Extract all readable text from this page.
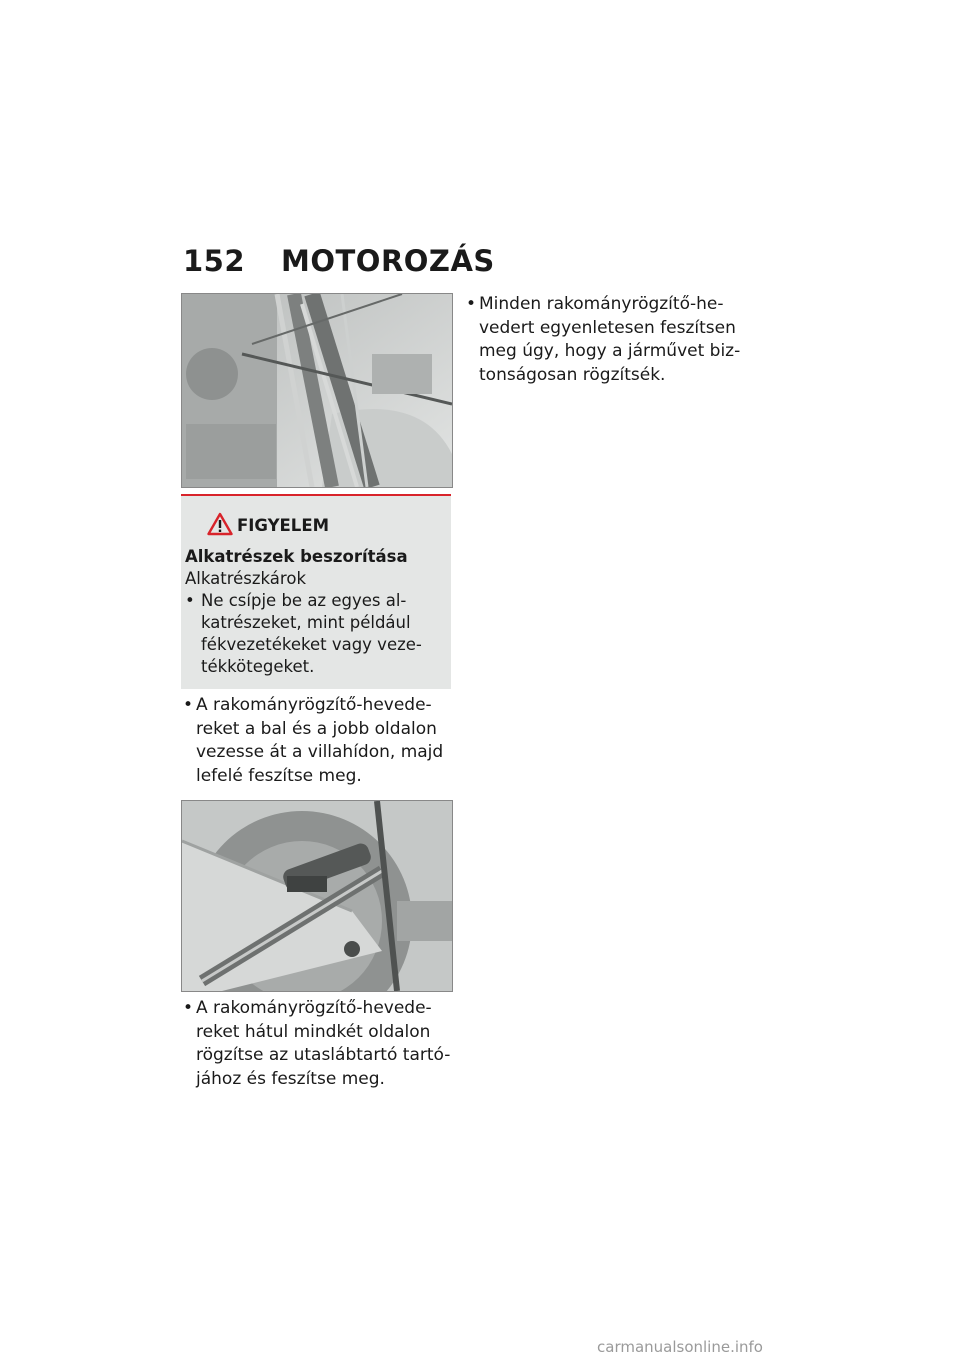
152 MOTOROZÁS
FIGYELEM
Alkatrészek beszorítása
Alkatrészkárok
• Ne csípje be az egyes al-
katrészeket, mint például
fékvezetékeket vagy veze-
tékkötegeket.
• A rakományrögzítő-hevede-
reket a bal és a jobb oldalon
vezesse át a villahídon, majd
lefelé feszítse meg.
• A rakományrögzítő-hevede-
reket hátul mindkét oldalon
rögzítse az utaslábtartó tartó-
jához és feszítse meg.
• Minden rakományrögzítő-he-
vedert egyenletesen feszítsen
meg úgy, hogy a járművet biz-
tonságosan rögzítsék.
carmanualsonline.info
